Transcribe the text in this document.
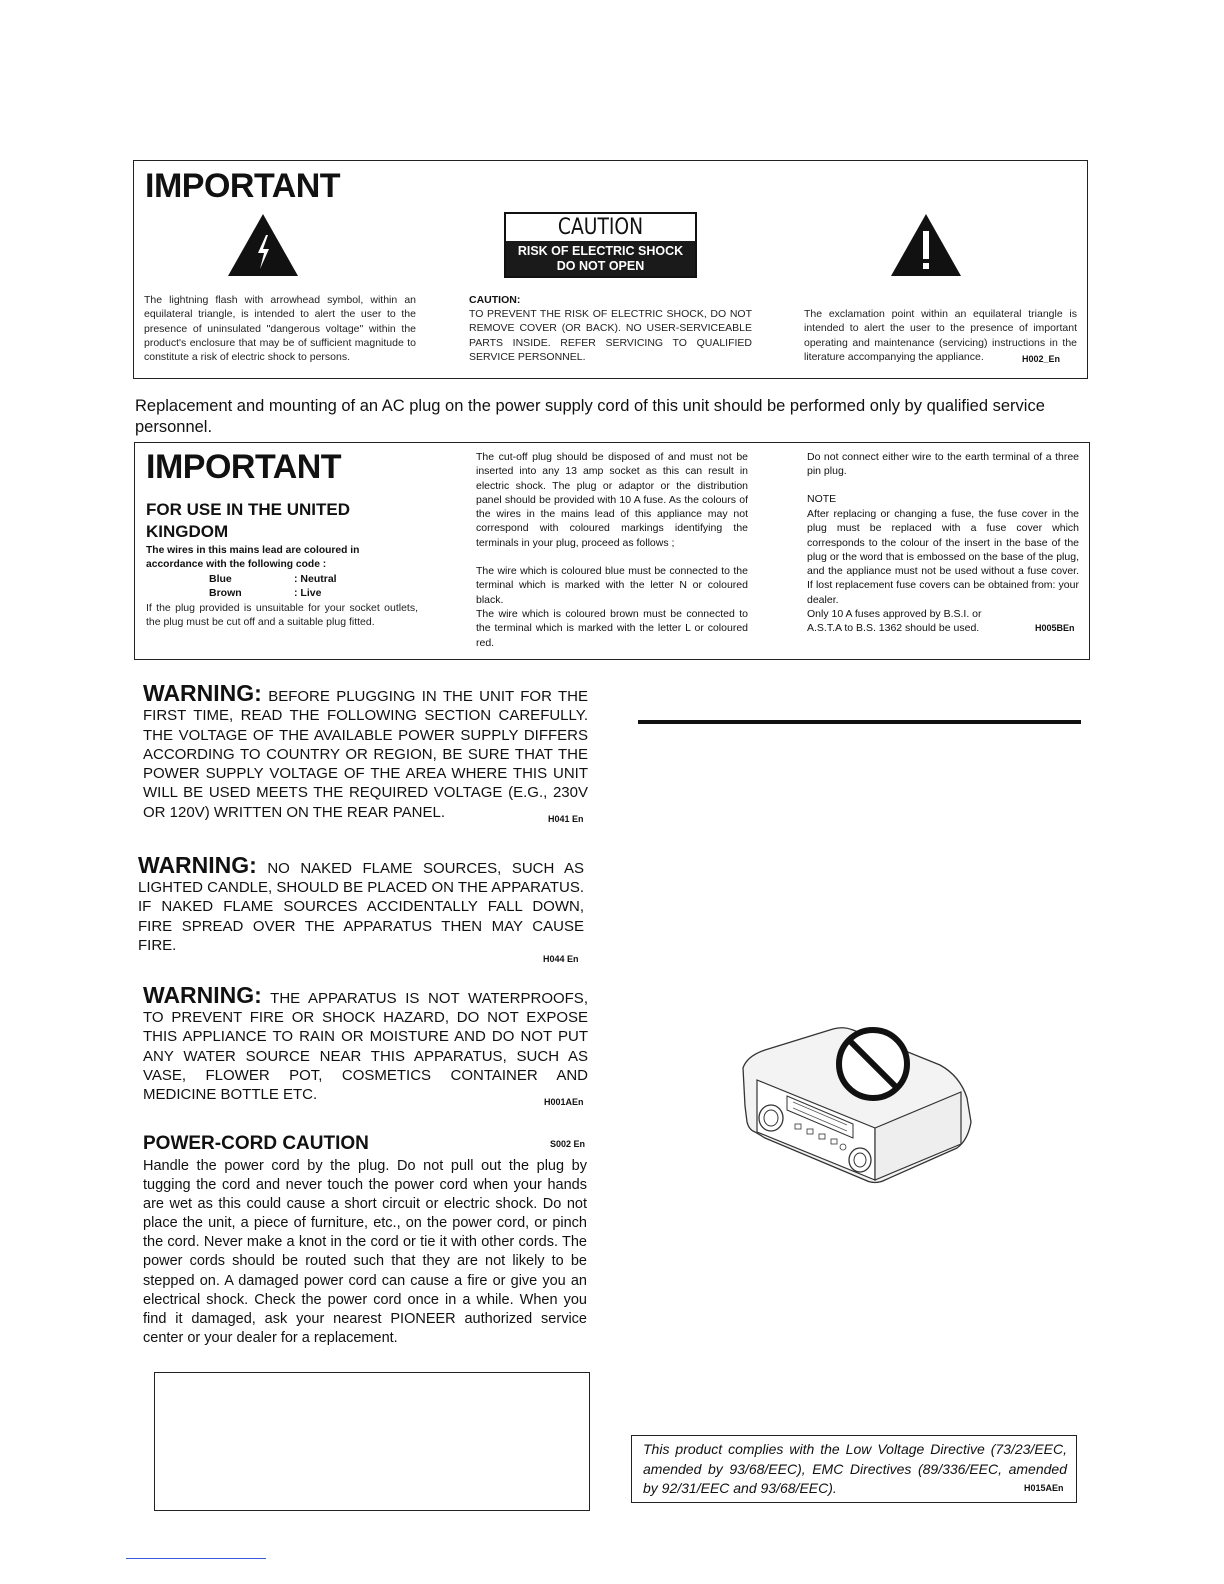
IMPORTANT
CAUTION
RISK OF ELECTRIC SHOCK
DO NOT OPEN
The lightning flash with arrowhead symbol, within an equilateral triangle, is intended to alert the user to the presence of uninsulated "dangerous voltage" within the product's enclosure that may be of sufficient magnitude to constitute a risk of electric shock to persons.
CAUTION:
TO PREVENT THE RISK OF ELECTRIC SHOCK, DO NOT REMOVE COVER (OR BACK). NO USER-SERVICEABLE PARTS INSIDE. REFER SERVICING TO QUALIFIED SERVICE PERSONNEL.
The exclamation point within an equilateral triangle is intended to alert the user to the presence of important operating and maintenance (servicing) instructions in the literature accompanying the appliance.	H002_En
Replacement and mounting of an AC plug on the power supply cord of this unit should be performed only by qualified service personnel.
IMPORTANT
FOR USE IN THE UNITED KINGDOM
The wires in this mains lead are coloured in accordance with the following code :
Blue	: Neutral
Brown	: Live
If the plug provided is unsuitable for your socket outlets, the plug must be cut off and a suitable plug fitted.
The cut-off plug should be disposed of and must not be inserted into any 13 amp socket as this can result in electric shock. The plug or adaptor or the distribution panel should be provided with 10 A fuse. As the colours of the wires in the mains lead of this appliance may not correspond with coloured markings identifying the terminals in your plug, proceed as follows ;
The wire which is coloured blue must be connected to the terminal which is marked with the letter N or coloured black.
The wire which is coloured brown must be connected to the terminal which is marked with the letter L or coloured red.
Do not connect either wire to the earth terminal of a three pin plug.
NOTE
After replacing or changing a fuse, the fuse cover in the plug must be replaced with a fuse cover which corresponds to the colour of the insert in the base of the plug or the word that is embossed on the base of the plug, and the appliance must not be used without a fuse cover. If lost replacement fuse covers can be obtained from: your dealer.
Only 10 A fuses approved by B.S.I. or A.S.T.A to B.S. 1362 should be used.	H005BEn
WARNING: BEFORE PLUGGING IN THE UNIT FOR THE FIRST TIME, READ THE FOLLOWING SECTION CAREFULLY. THE VOLTAGE OF THE AVAILABLE POWER SUPPLY DIFFERS ACCORDING TO COUNTRY OR REGION, BE SURE THAT THE POWER SUPPLY VOLTAGE OF THE AREA WHERE THIS UNIT WILL BE USED MEETS THE REQUIRED VOLTAGE (E.G., 230V OR 120V) WRITTEN ON THE REAR PANEL.	H041 En
WARNING: NO NAKED FLAME SOURCES, SUCH AS LIGHTED CANDLE, SHOULD BE PLACED ON THE APPARATUS. IF NAKED FLAME SOURCES ACCIDENTALLY FALL DOWN, FIRE SPREAD OVER THE APPARATUS THEN MAY CAUSE FIRE.
H044 En
WARNING: THE APPARATUS IS NOT WATERPROOFS, TO PREVENT FIRE OR SHOCK HAZARD, DO NOT EXPOSE THIS APPLIANCE TO RAIN OR MOISTURE AND DO NOT PUT ANY WATER SOURCE NEAR THIS APPARATUS, SUCH AS VASE, FLOWER POT, COSMETICS CONTAINER AND MEDICINE BOTTLE ETC.	H001AEn
POWER-CORD CAUTION	S002 En
Handle the power cord by the plug. Do not pull out the plug by tugging the cord and never touch the power cord when your hands are wet as this could cause a short circuit or electric shock. Do not place the unit, a piece of furniture, etc., on the power cord, or pinch the cord. Never make a knot in the cord or tie it with other cords. The power cords should be routed such that they are not likely to be stepped on. A damaged power cord can cause a fire or give you an electrical shock. Check the power cord once in a while. When you find it damaged, ask your nearest PIONEER authorized service center or your dealer for a replacement.
This product complies with the Low Voltage Directive (73/23/EEC, amended by 93/68/EEC), EMC Directives (89/336/EEC, amended by 92/31/EEC and 93/68/EEC).	H015AEn
